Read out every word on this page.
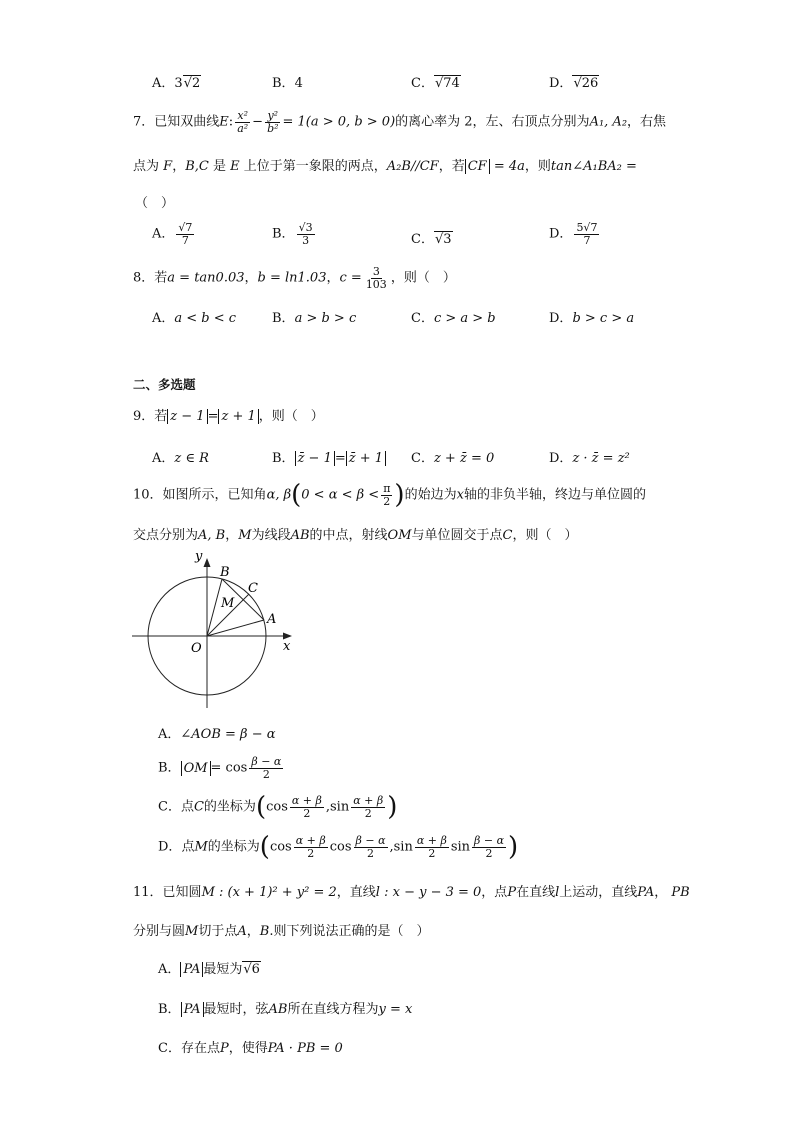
A．3 √ 2	B．4	C． √ 74	D． √ 26
7．已知双曲线E: $\frac{\text{x²}}{\text{a²}} - \frac{\text{y²}}{\text{b²}} = 1(a > 0$, b > 0)的离心率为 2，左、右顶点分别为A₁, A₂，右焦
点为 F，B,C 是 E 上位于第一象限的两点，A₂B//CF，若 CF = 4a，则tan∠A₁BA₂ =
（　）
A． $\frac{√7}{7}$	B． $\frac{√3}{3}$	C． √ 3	D． $\frac{5√7}{7}$
8．若a = tan0.03，b = ln1.03，$c = \frac{3}{103}$ ，则（　）
A．a < b < c	B．a > b > c	C．c > a > b	D．b > c > a
二、多选题
9．若 z − 1 = z + 1 ，则（　）
A．z ∈ R	B． z̄ − 1 = z̄ + 1 C．z + z̄ = 0	D．z · z̄ = z²
10．如图所示，已知角α, $\beta(0 < \alpha < \beta < \frac{\pi}{2}$ )的始边为x轴的非负半轴，终边与单位圆的
交点分别为A, B，M为线段AB的中点，射线OM与单位圆交于点C，则（　）
y
x
O
A
B
C
M
A．∠AOB = β − α
B． OM = $\cos \frac{\beta - \alpha}{2}$
C．点C的坐标为($\cos \frac{\alpha + \beta}{2} ,\sin \frac{\alpha + \beta}{2}$ )
D．点M的坐标为($\cos \frac{\alpha + \beta}{2}$ $\cos \frac{\beta - \alpha}{2} ,\sin \frac{\alpha + \beta}{2}$ $\sin \frac{\beta - \alpha}{2}$ )
11．已知圆M : (x + 1)² + y² = 2，直线l : x − y − 3 = 0，点P在直线l上运动，直线PA， PB
分别与圆M切于点A，B.则下列说法正确的是（　）
A． PA 最短为 √ 6
B． PA 最短时，弦AB所在直线方程为y = x
C．存在点P，使得PA · PB = 0
